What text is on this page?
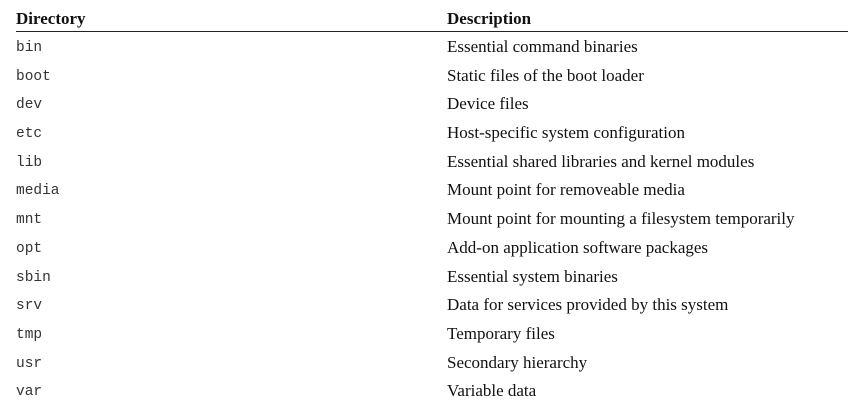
Directory	Description
bin	Essential command binaries
boot	Static files of the boot loader
dev	Device files
etc	Host-specific system configuration
lib	Essential shared libraries and kernel modules
media	Mount point for removeable media
mnt	Mount point for mounting a filesystem temporarily
opt	Add-on application software packages
sbin	Essential system binaries
srv	Data for services provided by this system
tmp	Temporary files
usr	Secondary hierarchy
var	Variable data
